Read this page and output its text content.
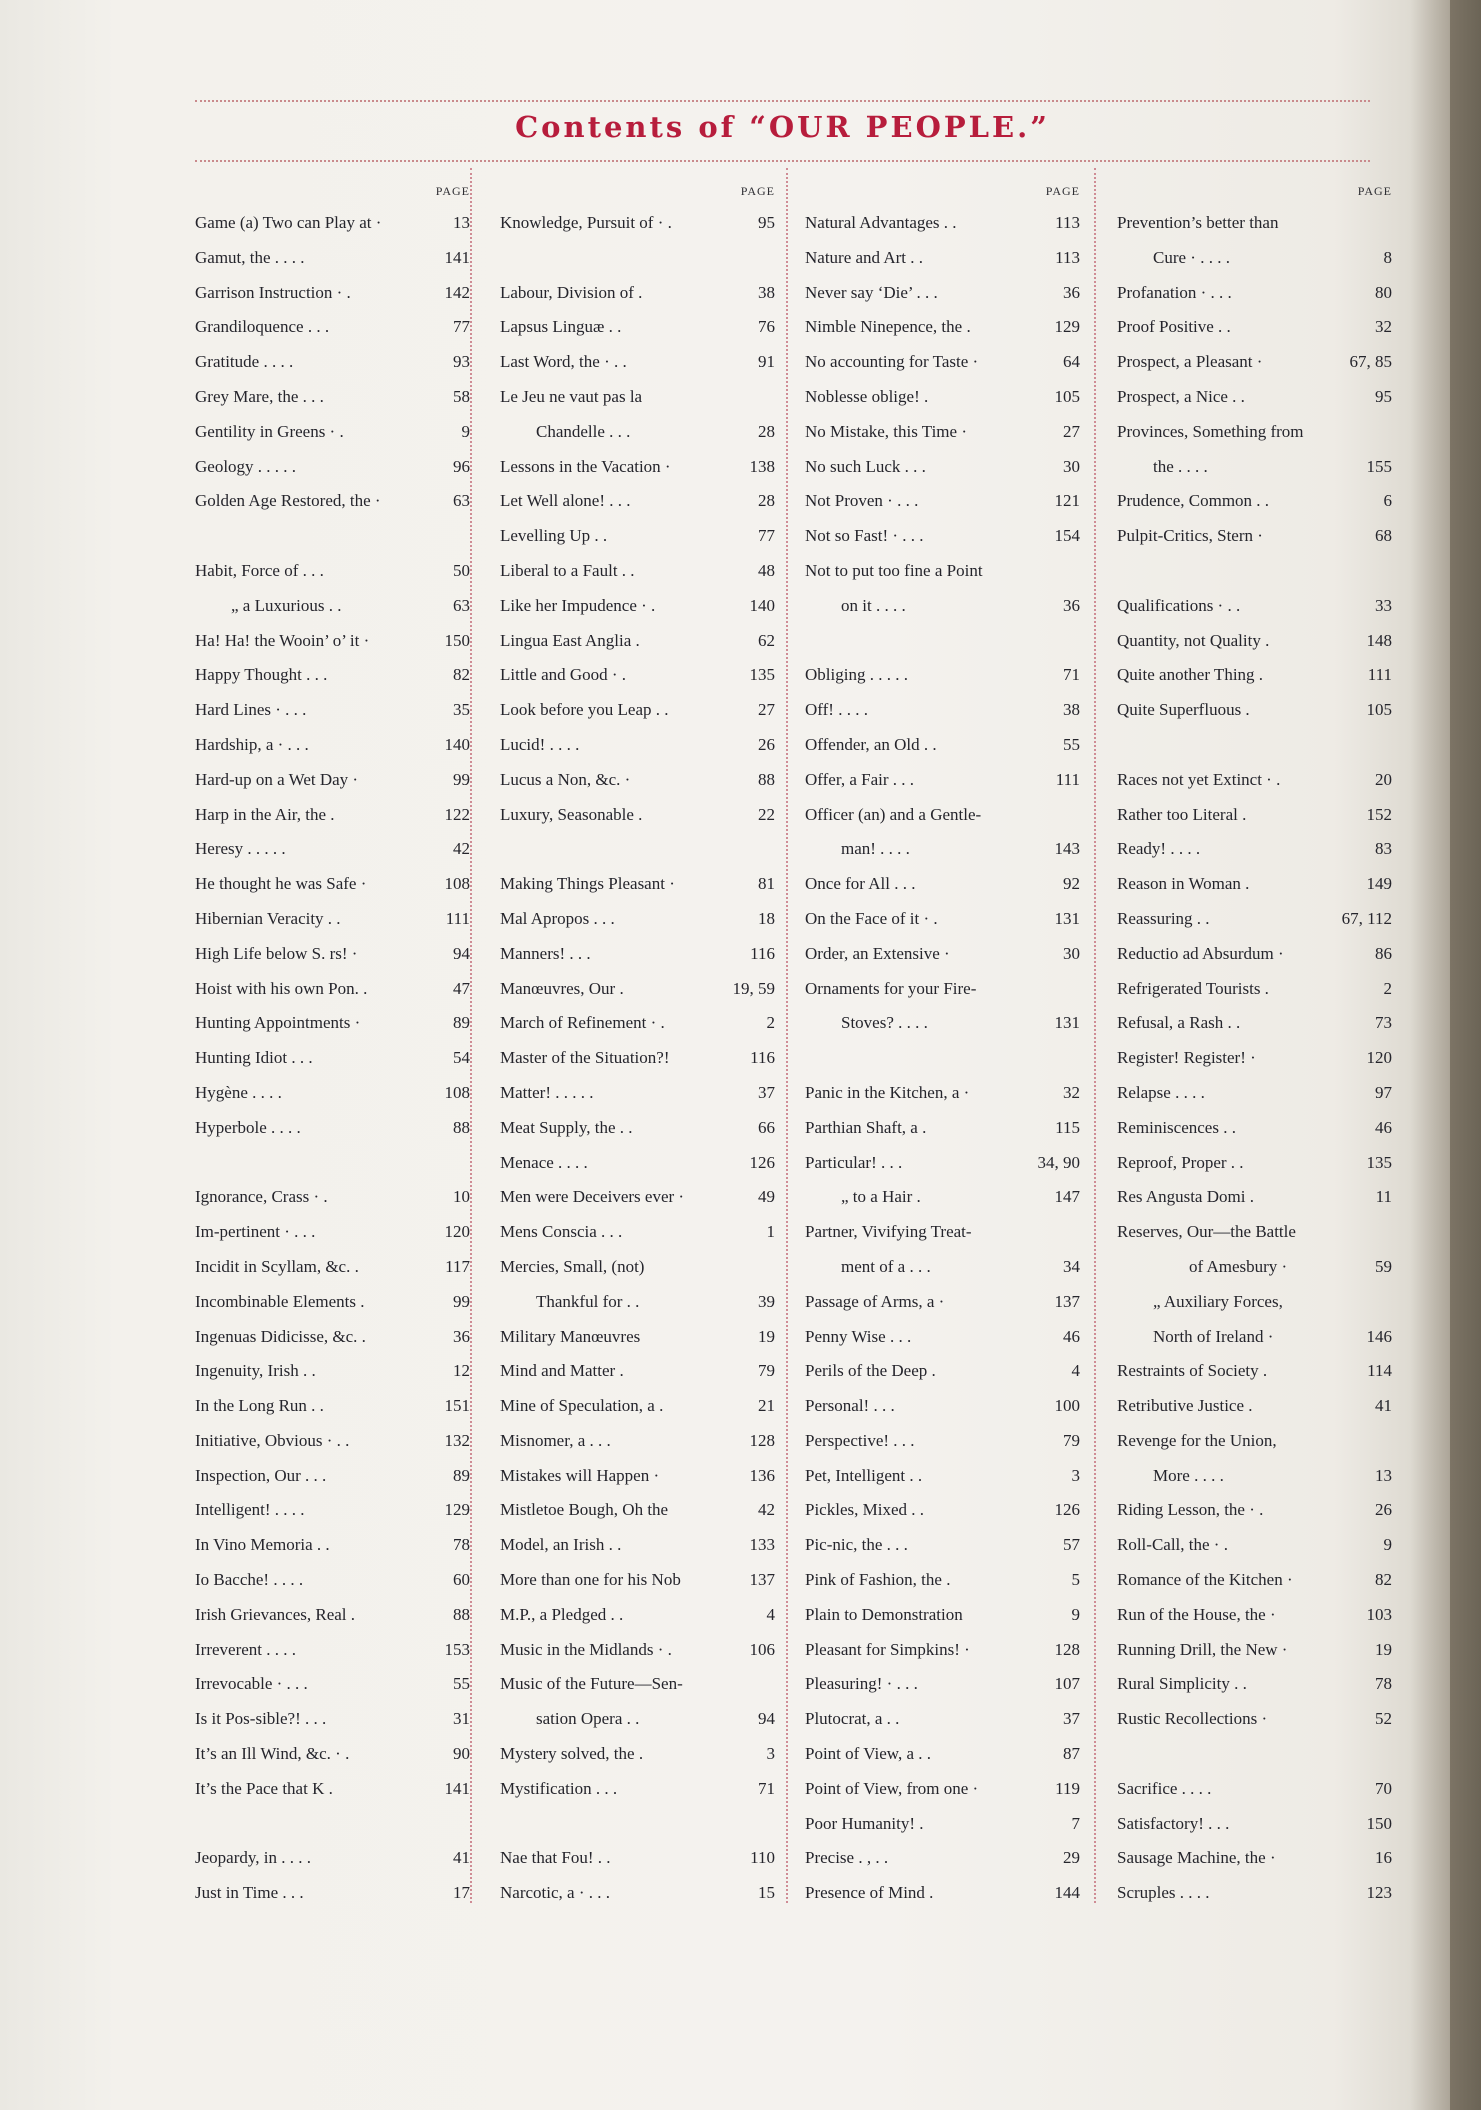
Contents of “OUR PEOPLE.”
PAGE
Game (a) Two can Play at ·	13
Gamut, the . . . .	141
Garrison Instruction · .	142
Grandiloquence . . .	77
Gratitude . . . .	93
Grey Mare, the . . .	58
Gentility in Greens · .	9
Geology . . . . .	96
Golden Age Restored, the ·	63
Habit, Force of . . .	50
„ a Luxurious . .	63
Ha! Ha! the Wooin’ o’ it ·	150
Happy Thought . . .	82
Hard Lines · . . .	35
Hardship, a · . . .	140
Hard-up on a Wet Day ·	99
Harp in the Air, the .	122
Heresy . . . . .	42
He thought he was Safe ·	108
Hibernian Veracity . .	111
High Life below S. rs! ·	94
Hoist with his own Pon. .	47
Hunting Appointments ·	89
Hunting Idiot . . .	54
Hygène . . . .	108
Hyperbole . . . .	88
Ignorance, Crass · .	10
Im-pertinent · . . .	120
Incidit in Scyllam, &c. .	117
Incombinable Elements .	99
Ingenuas Didicisse, &c. .	36
Ingenuity, Irish . .	12
In the Long Run . .	151
Initiative, Obvious · . .	132
Inspection, Our . . .	89
Intelligent! . . . .	129
In Vino Memoria . .	78
Io Bacche! . . . .	60
Irish Grievances, Real .	88
Irreverent . . . .	153
Irrevocable · . . .	55
Is it Pos-sible?! . . .	31
It’s an Ill Wind, &c. · .	90
It’s the Pace that K .	141
Jeopardy, in . . . .	41
Just in Time . . .	17
PAGE
Knowledge, Pursuit of · .	95
Labour, Division of .	38
Lapsus Linguæ . .	76
Last Word, the · . .	91
Le Jeu ne vaut pas la
Chandelle . . .	28
Lessons in the Vacation ·	138
Let Well alone! . . .	28
Levelling Up . .	77
Liberal to a Fault . .	48
Like her Impudence · .	140
Lingua East Anglia .	62
Little and Good · .	135
Look before you Leap . .	27
Lucid! . . . .	26
Lucus a Non, &c. ·	88
Luxury, Seasonable .	22
Making Things Pleasant ·	81
Mal Apropos . . .	18
Manners! . . .	116
Manœuvres, Our .	19, 59
March of Refinement · .	2
Master of the Situation?!	116
Matter! . . . . .	37
Meat Supply, the . .	66
Menace . . . .	126
Men were Deceivers ever ·	49
Mens Conscia . . .	1
Mercies, Small, (not)
Thankful for . .	39
Military Manœuvres	19
Mind and Matter .	79
Mine of Speculation, a .	21
Misnomer, a . . .	128
Mistakes will Happen ·	136
Mistletoe Bough, Oh the	42
Model, an Irish . .	133
More than one for his Nob	137
M.P., a Pledged . .	4
Music in the Midlands · .	106
Music of the Future—Sen-
sation Opera . .	94
Mystery solved, the .	3
Mystification . . .	71
Nae that Fou! . .	110
Narcotic, a · . . .	15
PAGE
Natural Advantages . .	113
Nature and Art . .	113
Never say ‘Die’ . . .	36
Nimble Ninepence, the .	129
No accounting for Taste ·	64
Noblesse oblige! .	105
No Mistake, this Time ·	27
No such Luck . . .	30
Not Proven · . . .	121
Not so Fast! · . . .	154
Not to put too fine a Point
on it . . . .	36
Obliging . . . . .	71
Off! . . . .	38
Offender, an Old . .	55
Offer, a Fair . . .	111
Officer (an) and a Gentle-
man! . . . .	143
Once for All . . .	92
On the Face of it · .	131
Order, an Extensive ·	30
Ornaments for your Fire-
Stoves? . . . .	131
Panic in the Kitchen, a ·	32
Parthian Shaft, a .	115
Particular! . . .	34, 90
„ to a Hair .	147
Partner, Vivifying Treat-
ment of a . . .	34
Passage of Arms, a ·	137
Penny Wise . . .	46
Perils of the Deep .	4
Personal! . . .	100
Perspective! . . .	79
Pet, Intelligent . .	3
Pickles, Mixed . .	126
Pic-nic, the . . .	57
Pink of Fashion, the .	5
Plain to Demonstration	9
Pleasant for Simpkins! ·	128
Pleasuring! · . . .	107
Plutocrat, a . .	37
Point of View, a . .	87
Point of View, from one ·	119
Poor Humanity! .	7
Precise . , . .	29
Presence of Mind .	144
PAGE
Prevention’s better than
Cure · . . . .	8
Profanation · . . .	80
Proof Positive . .	32
Prospect, a Pleasant ·	67, 85
Prospect, a Nice . .	95
Provinces, Something from
the . . . .	155
Prudence, Common . .	6
Pulpit-Critics, Stern ·	68
Qualifications · . .	33
Quantity, not Quality .	148
Quite another Thing .	111
Quite Superfluous .	105
Races not yet Extinct · .	20
Rather too Literal .	152
Ready! . . . .	83
Reason in Woman .	149
Reassuring . .	67, 112
Reductio ad Absurdum ·	86
Refrigerated Tourists .	2
Refusal, a Rash . .	73
Register! Register! ·	120
Relapse . . . .	97
Reminiscences . .	46
Reproof, Proper . .	135
Res Angusta Domi .	11
Reserves, Our—the Battle
of Amesbury ·	59
„ Auxiliary Forces,
North of Ireland ·	146
Restraints of Society .	114
Retributive Justice .	41
Revenge for the Union,
More . . . .	13
Riding Lesson, the · .	26
Roll-Call, the · .	9
Romance of the Kitchen ·	82
Run of the House, the ·	103
Running Drill, the New ·	19
Rural Simplicity . .	78
Rustic Recollections ·	52
Sacrifice . . . .	70
Satisfactory! . . .	150
Sausage Machine, the ·	16
Scruples . . . .	123
